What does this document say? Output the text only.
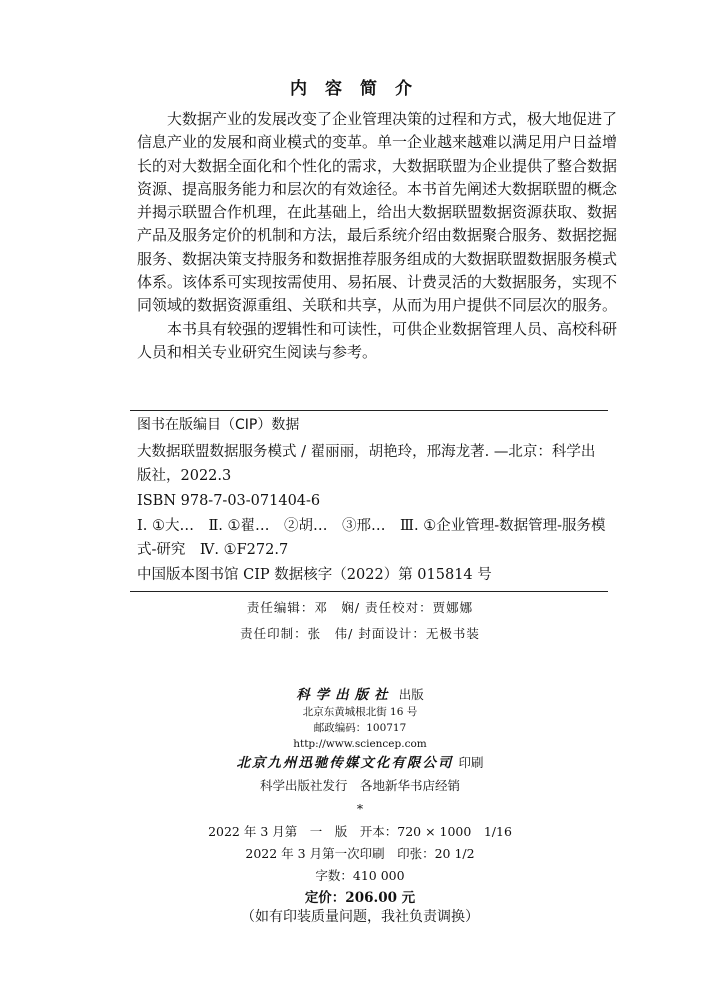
内容简介
大数据产业的发展改变了企业管理决策的过程和方式，极大地促进了信息产业的发展和商业模式的变革。单一企业越来越难以满足用户日益增长的对大数据全面化和个性化的需求，大数据联盟为企业提供了整合数据资源、提高服务能力和层次的有效途径。本书首先阐述大数据联盟的概念并揭示联盟合作机理，在此基础上，给出大数据联盟数据资源获取、数据产品及服务定价的机制和方法，最后系统介绍由数据聚合服务、数据挖掘服务、数据决策支持服务和数据推荐服务组成的大数据联盟数据服务模式体系。该体系可实现按需使用、易拓展、计费灵活的大数据服务，实现不同领域的数据资源重组、关联和共享，从而为用户提供不同层次的服务。
本书具有较强的逻辑性和可读性，可供企业数据管理人员、高校科研人员和相关专业研究生阅读与参考。
图书在版编目（CIP）数据
大数据联盟数据服务模式 / 翟丽丽，胡艳玲，邢海龙著. —北京：科学出版社，2022.3
ISBN 978-7-03-071404-6
Ⅰ. ①大…　Ⅱ. ①翟…　②胡…　③邢…　Ⅲ. ①企业管理-数据管理-服务模式-研究　Ⅳ. ①F272.7
中国版本图书馆 CIP 数据核字（2022）第 015814 号
责任编辑：邓　娴/ 责任校对：贾娜娜
责任印制：张　伟/ 封面设计：无极书装
科学出版社 出版
北京东黄城根北街 16 号
邮政编码：100717
http://www.sciencep.com
北京九州迅驰传媒文化有限公司 印刷
科学出版社发行　各地新华书店经销
*
2022 年 3 月第　一　版　开本：720 × 1000　1/16
2022 年 3 月第一次印刷　印张：20 1/2
字数：410 000
定价：206.00 元
（如有印装质量问题，我社负责调换）
